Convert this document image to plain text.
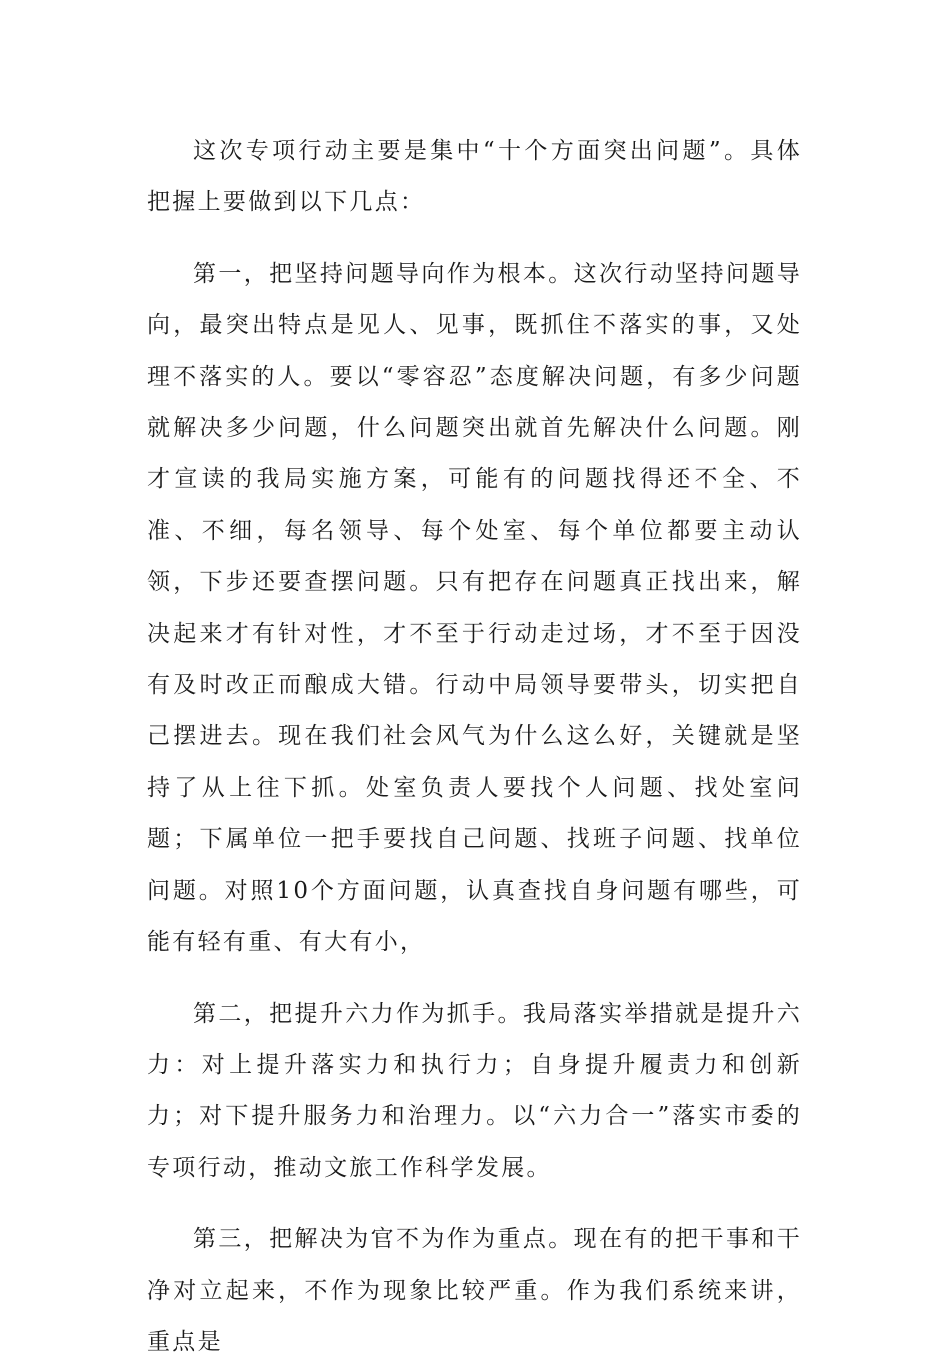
这次专项行动主要是集中“十个方面突出问题”。具体把握上要做到以下几点：

第一，把坚持问题导向作为根本。这次行动坚持问题导向，最突出特点是见人、见事，既抓住不落实的事，又处理不落实的人。要以“零容忍”态度解决问题，有多少问题就解决多少问题，什么问题突出就首先解决什么问题。刚才宣读的我局实施方案，可能有的问题找得还不全、不准、不细，每名领导、每个处室、每个单位都要主动认领，下步还要查摆问题。只有把存在问题真正找出来，解决起来才有针对性，才不至于行动走过场，才不至于因没有及时改正而酿成大错。行动中局领导要带头，切实把自己摆进去。现在我们社会风气为什么这么好，关键就是坚持了从上往下抓。处室负责人要找个人问题、找处室问题；下属单位一把手要找自己问题、找班子问题、找单位问题。对照10个方面问题，认真查找自身问题有哪些，可能有轻有重、有大有小，

第二，把提升六力作为抓手。我局落实举措就是提升六力：对上提升落实力和执行力；自身提升履责力和创新力；对下提升服务力和治理力。以“六力合一”落实市委的专项行动，推动文旅工作科学发展。

第三，把解决为官不为作为重点。现在有的把干事和干净对立起来，不作为现象比较严重。作为我们系统来讲，重点是
